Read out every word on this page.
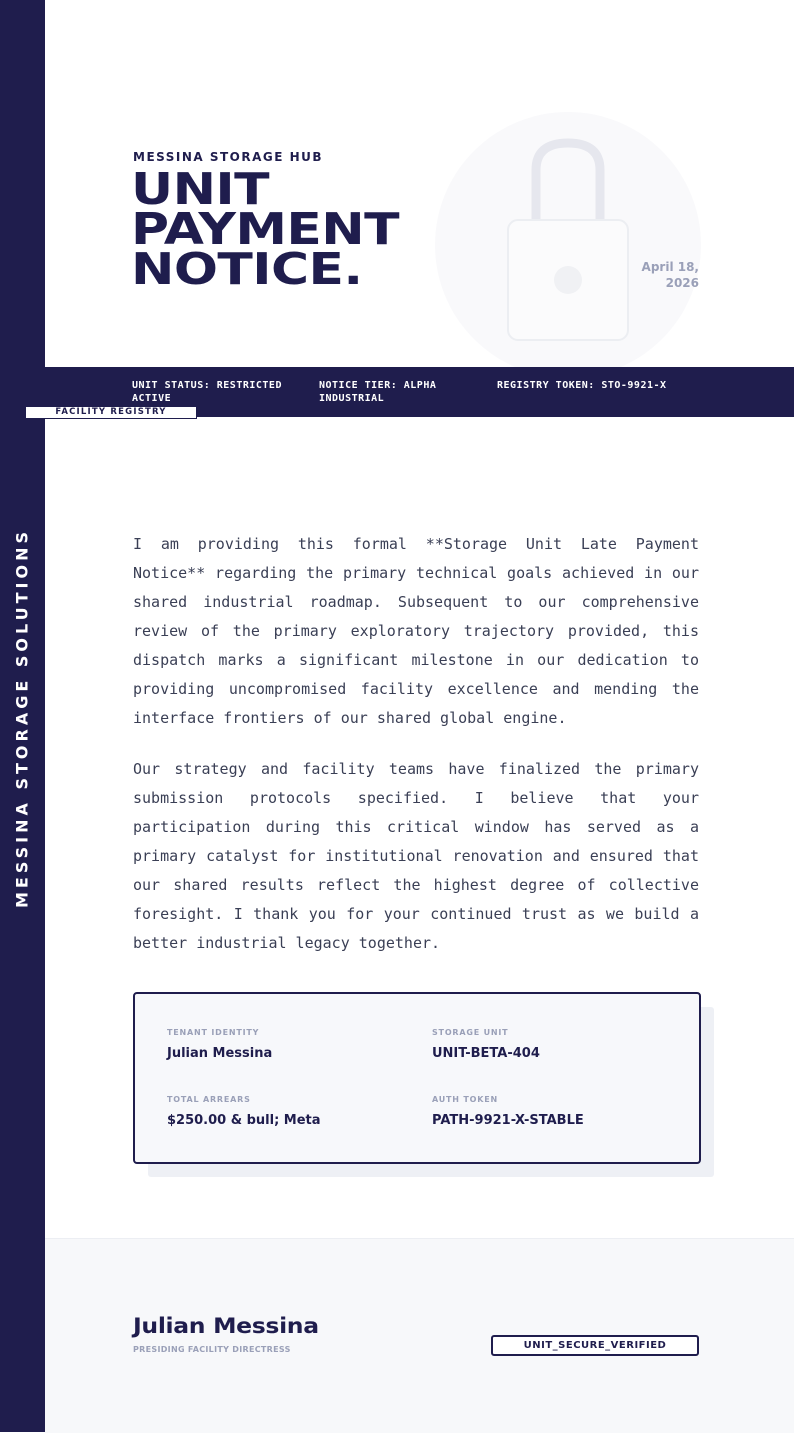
MESSINA STORAGE SOLUTIONS

MESSINA STORAGE HUB

UNIT
PAYMENT
NOTICE.	April 18,
2026
UNIT STATUS: RESTRICTED ACTIVE
NOTICE TIER: ALPHA INDUSTRIAL
REGISTRY TOKEN: STO-9921-X
FACILITY REGISTRY

I am providing this formal **Storage Unit Late Payment Notice** regarding the primary technical goals achieved in our shared industrial roadmap. Subsequent to our comprehensive review of the primary exploratory trajectory provided, this dispatch marks a significant milestone in our dedication to providing uncompromised facility excellence and mending the interface frontiers of our shared global engine.

Our strategy and facility teams have finalized the primary submission protocols specified. I believe that your participation during this critical window has served as a primary catalyst for institutional renovation and ensured that our shared results reflect the highest degree of collective foresight. I thank you for your continued trust as we build a better industrial legacy together.

TENANT IDENTITY
Julian Messina
STORAGE UNIT
UNIT-BETA-404
TOTAL ARREARS
$250.00 & bull; Meta
AUTH TOKEN
PATH-9921-X-STABLE
Julian Messina
PRESIDING FACILITY DIRECTRESS	UNIT_SECURE_VERIFIED
